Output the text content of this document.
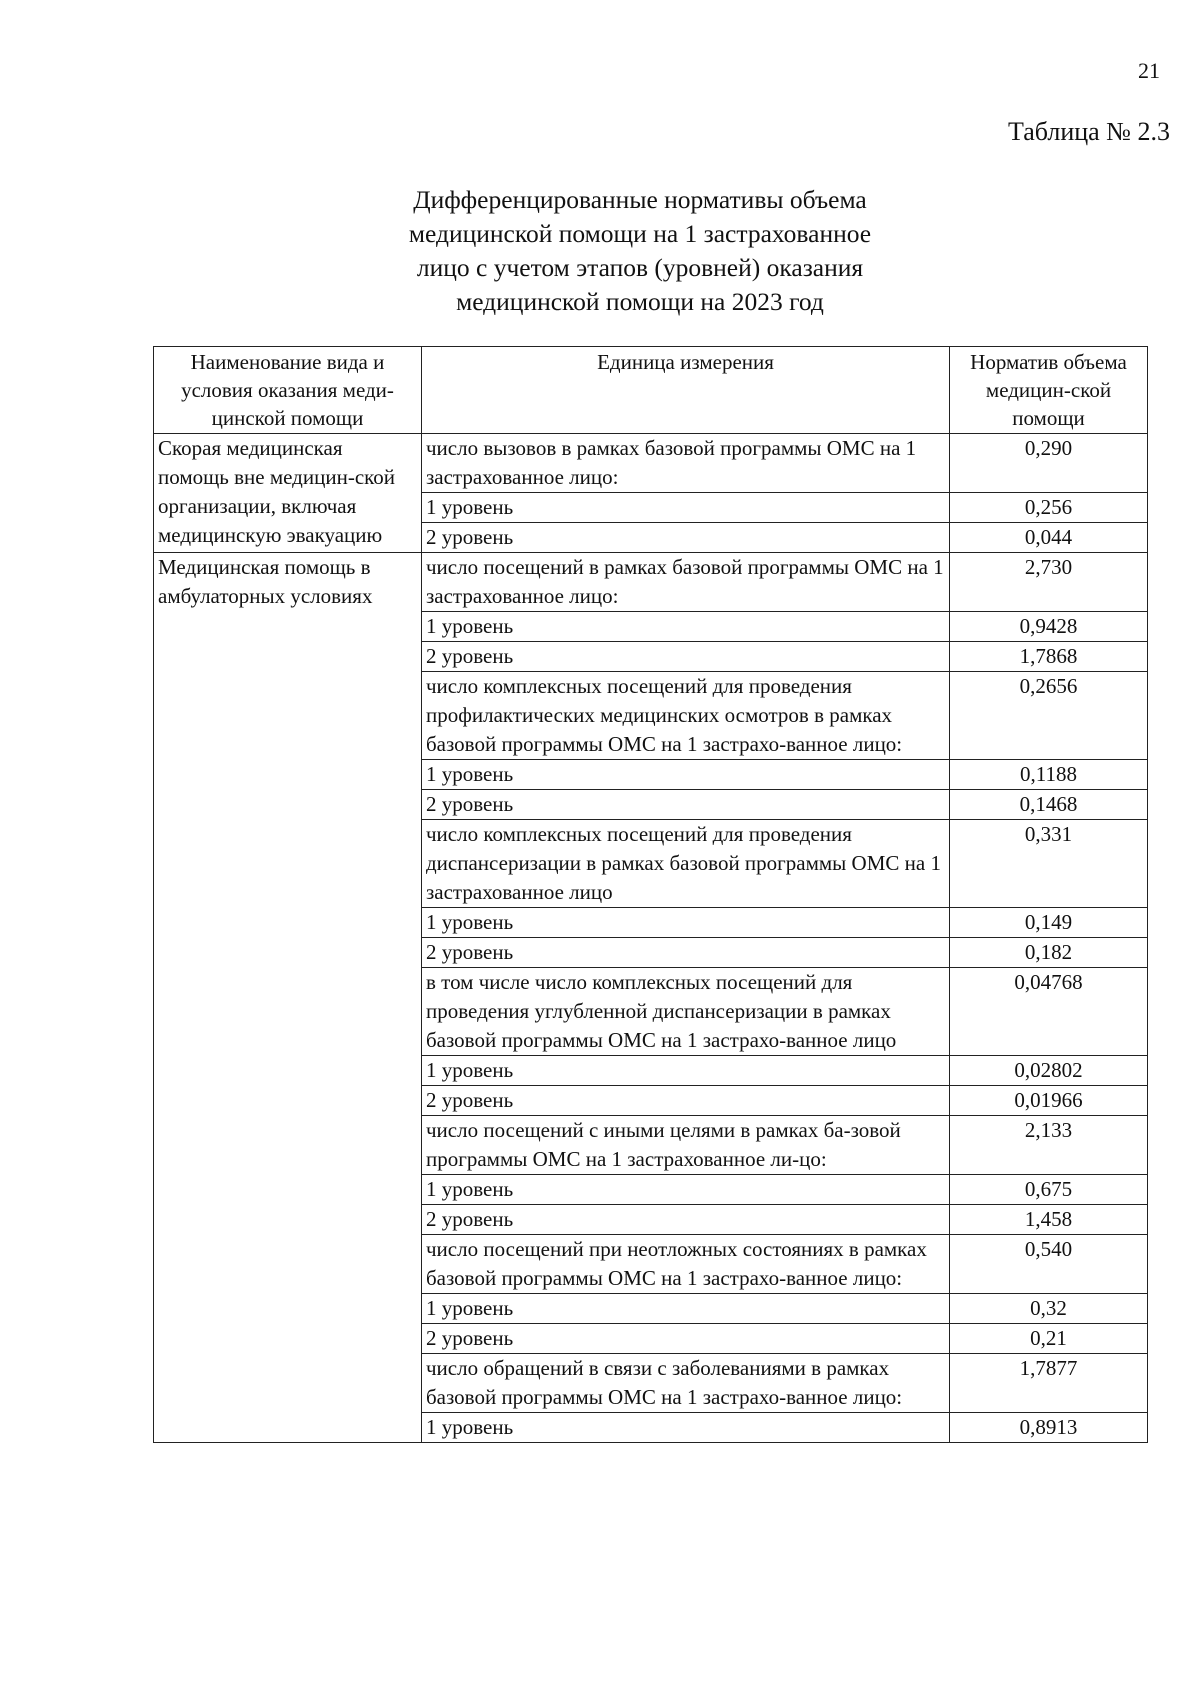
21
Таблица № 2.3
Дифференцированные нормативы объема
медицинской помощи на 1 застрахованное
лицо с учетом этапов (уровней) оказания
медицинской помощи на 2023 год
Наименование вида и условия оказания меди-цинской помощи	Единица измерения	Норматив объема медицин-ской помощи
Скорая медицинская помощь вне медицин-ской организации, включая медицинскую эвакуацию	число вызовов в рамках базовой программы ОМС на 1 застрахованное лицо:	0,290
	1 уровень	0,256
	2 уровень	0,044
Медицинская помощь в амбулаторных условиях	число посещений в рамках базовой программы ОМС на 1 застрахованное лицо:	2,730
	1 уровень	0,9428
	2 уровень	1,7868
	число комплексных посещений для проведения профилактических медицинских осмотров в рамках базовой программы ОМС на 1 застрахо-ванное лицо:	0,2656
	1 уровень	0,1188
	2 уровень	0,1468
	число комплексных посещений для проведения диспансеризации в рамках базовой программы ОМС на 1 застрахованное лицо	0,331
	1 уровень	0,149
	2 уровень	0,182
	в том числе число комплексных посещений для проведения углубленной диспансеризации в рамках базовой программы ОМС на 1 застрахо-ванное лицо	0,04768
	1 уровень	0,02802
	2 уровень	0,01966
	число посещений с иными целями в рамках ба-зовой программы ОМС на 1 застрахованное ли-цо:	2,133
	1 уровень	0,675
	2 уровень	1,458
	число посещений при неотложных состояниях в рамках базовой программы ОМС на 1 застрахо-ванное лицо:	0,540
	1 уровень	0,32
	2 уровень	0,21
	число обращений в связи с заболеваниями в рамках базовой программы ОМС на 1 застрахо-ванное лицо:	1,7877
	1 уровень	0,8913
